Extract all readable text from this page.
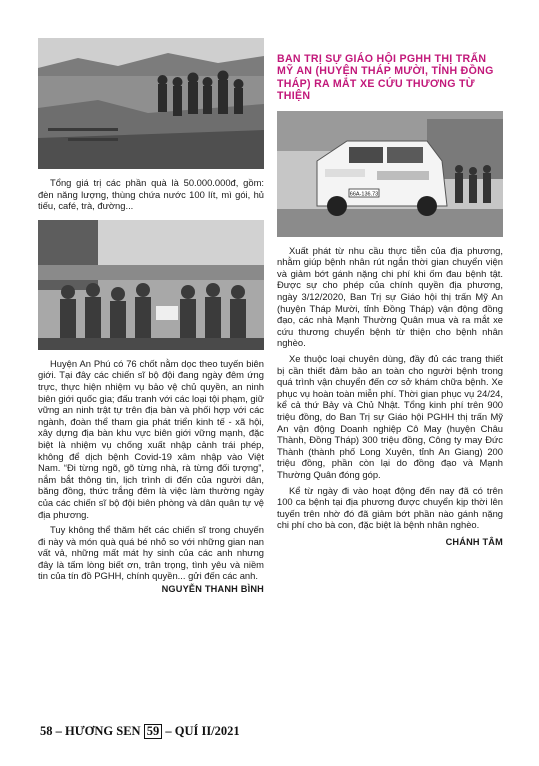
Tổng giá trị các phần quà là 50.000.000đ, gồm: đèn năng lượng, thùng chứa nước 100 lít, mì gói, hủ tiếu, café, trà, đường...

Huyện An Phú có 76 chốt nằm dọc theo tuyến biên giới. Tại đây các chiến sĩ bộ đội đang ngày đêm ứng trực, thực hiện nhiệm vụ bảo vệ chủ quyền, an ninh biên giới quốc gia; đấu tranh với các loại tội phạm, giữ vững an ninh trật tự trên địa bàn và phối hợp với các ngành, đoàn thể tham gia phát triển kinh tế - xã hội, xây dựng địa bàn khu vực biên giới vững mạnh, đặc biệt là nhiệm vụ chống xuất nhập cảnh trái phép, không để dịch bệnh Covid-19 xâm nhập vào Việt Nam. “Đi từng ngõ, gõ từng nhà, rà từng đối tượng”, nắm bắt thông tin, lịch trình di đến của người dân, băng đồng, thức trắng đêm là việc làm thường ngày của các chiến sĩ bộ đội biên phòng và dân quân tự vệ địa phương.

Tuy không thể thăm hết các chiến sĩ trong chuyến đi này và món quà quá bé nhỏ so với những gian nan vất vả, những mất mát hy sinh của các anh nhưng đây là tấm lòng biết ơn, trân trọng, tình yêu và niềm tin của tín đồ PGHH, chính quyền... gửi đến các anh.

NGUYỄN THANH BÌNH

BAN TRỊ SỰ GIÁO HỘI PGHH THỊ TRẤN MỸ AN (HUYỆN THÁP MƯỜI, TỈNH ĐỒNG THÁP) RA MẮT XE CỨU THƯƠNG TỪ THIỆN
66A-136.73

Xuất phát từ nhu cầu thực tiễn của địa phương, nhằm giúp bệnh nhân rút ngắn thời gian chuyển viện và giảm bớt gánh nặng chi phí khi ốm đau bệnh tật. Được sự cho phép của chính quyền địa phương, ngày 3/12/2020, Ban Trị sự Giáo hội thị trấn Mỹ An (huyện Tháp Mười, tỉnh Đồng Tháp) vận động đồng đạo, các nhà Mạnh Thường Quân mua và ra mắt xe cứu thương chuyển bệnh từ thiện cho bệnh nhân nghèo.

Xe thuộc loại chuyên dùng, đầy đủ các trang thiết bị cần thiết đảm bảo an toàn cho người bệnh trong quá trình vận chuyển đến cơ sở khám chữa bệnh. Xe phục vụ hoàn toàn miễn phí. Thời gian phục vụ 24/24, kể cả thứ Bảy và Chủ Nhật. Tổng kinh phí trên 900 triệu đồng, do Ban Trị sự Giáo hội PGHH thị trấn Mỹ An vận động Doanh nghiệp Cô May (huyện Châu Thành, Đồng Tháp) 300 triệu đồng, Công ty may Đức Thành (thành phố Long Xuyên, tỉnh An Giang) 200 triệu đồng, phần còn lại do đồng đạo và Mạnh Thường Quân đóng góp.

Kể từ ngày đi vào hoạt động đến nay đã có trên 100 ca bệnh tại địa phương được chuyển kịp thời lên tuyến trên nhờ đó đã giảm bớt phần nào gánh nặng chi phí cho bà con, đặc biệt là bệnh nhân nghèo.

CHÁNH TÂM

58 – HƯƠNG SEN 59 – QUÍ II/2021
